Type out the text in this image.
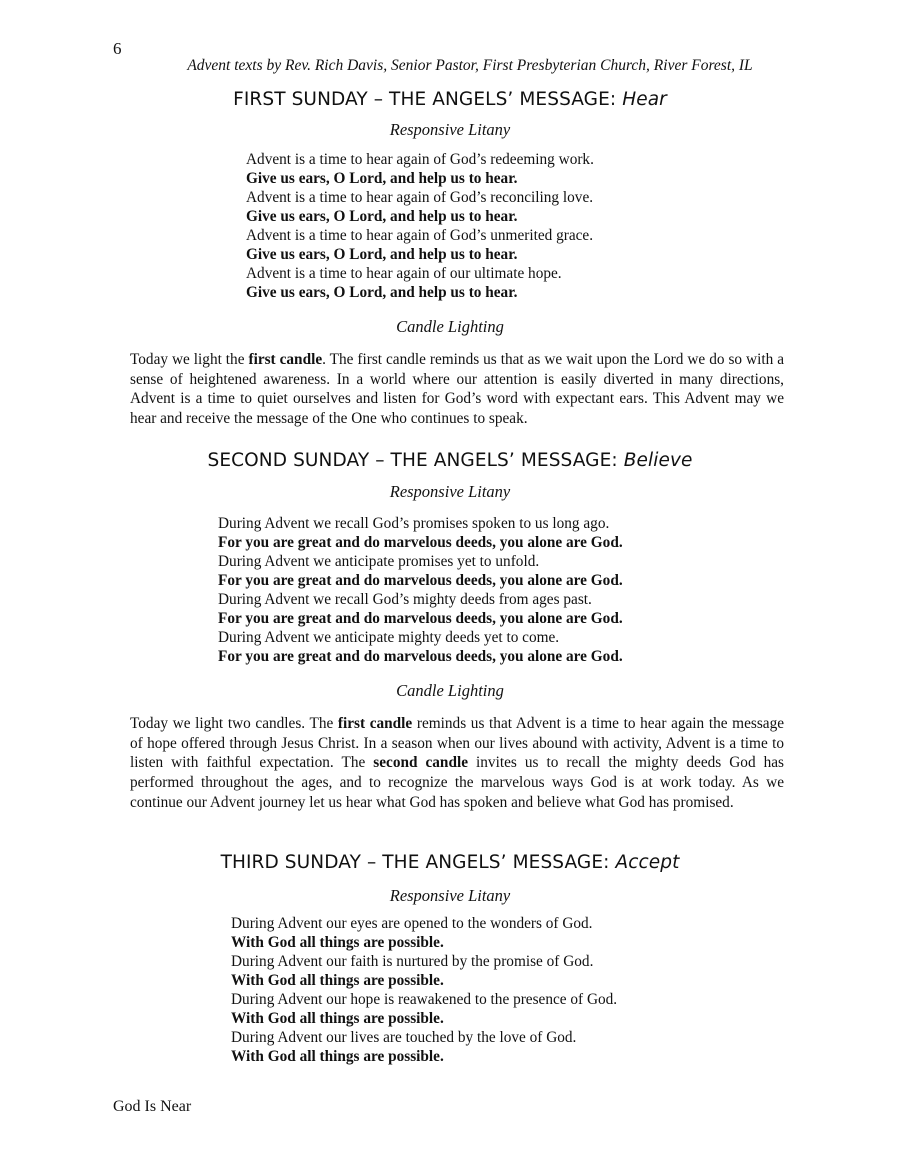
6
Advent texts by Rev. Rich Davis, Senior Pastor, First Presbyterian Church, River Forest, IL
FIRST SUNDAY – THE ANGELS’ MESSAGE: Hear
Responsive Litany
Advent is a time to hear again of God’s redeeming work.
Give us ears, O Lord, and help us to hear.
Advent is a time to hear again of God’s reconciling love.
Give us ears, O Lord, and help us to hear.
Advent is a time to hear again of God’s unmerited grace.
Give us ears, O Lord, and help us to hear.
Advent is a time to hear again of our ultimate hope.
Give us ears, O Lord, and help us to hear.
Candle Lighting
Today we light the first candle. The first candle reminds us that as we wait upon the Lord we do so with a sense of heightened awareness. In a world where our attention is easily diverted in many directions, Advent is a time to quiet ourselves and listen for God’s word with expectant ears. This Advent may we hear and receive the message of the One who continues to speak.
SECOND SUNDAY – THE ANGELS’ MESSAGE: Believe
Responsive Litany
During Advent we recall God’s promises spoken to us long ago.
For you are great and do marvelous deeds, you alone are God.
During Advent we anticipate promises yet to unfold.
For you are great and do marvelous deeds, you alone are God.
During Advent we recall God’s mighty deeds from ages past.
For you are great and do marvelous deeds, you alone are God.
During Advent we anticipate mighty deeds yet to come.
For you are great and do marvelous deeds, you alone are God.
Candle Lighting
Today we light two candles. The first candle reminds us that Advent is a time to hear again the message of hope offered through Jesus Christ. In a season when our lives abound with activity, Advent is a time to listen with faithful expectation. The second candle invites us to recall the mighty deeds God has performed throughout the ages, and to recognize the marvelous ways God is at work today. As we continue our Advent journey let us hear what God has spoken and believe what God has promised.
THIRD SUNDAY – THE ANGELS’ MESSAGE: Accept
Responsive Litany
During Advent our eyes are opened to the wonders of God.
With God all things are possible.
During Advent our faith is nurtured by the promise of God.
With God all things are possible.
During Advent our hope is reawakened to the presence of God.
With God all things are possible.
During Advent our lives are touched by the love of God.
With God all things are possible.
God Is Near
